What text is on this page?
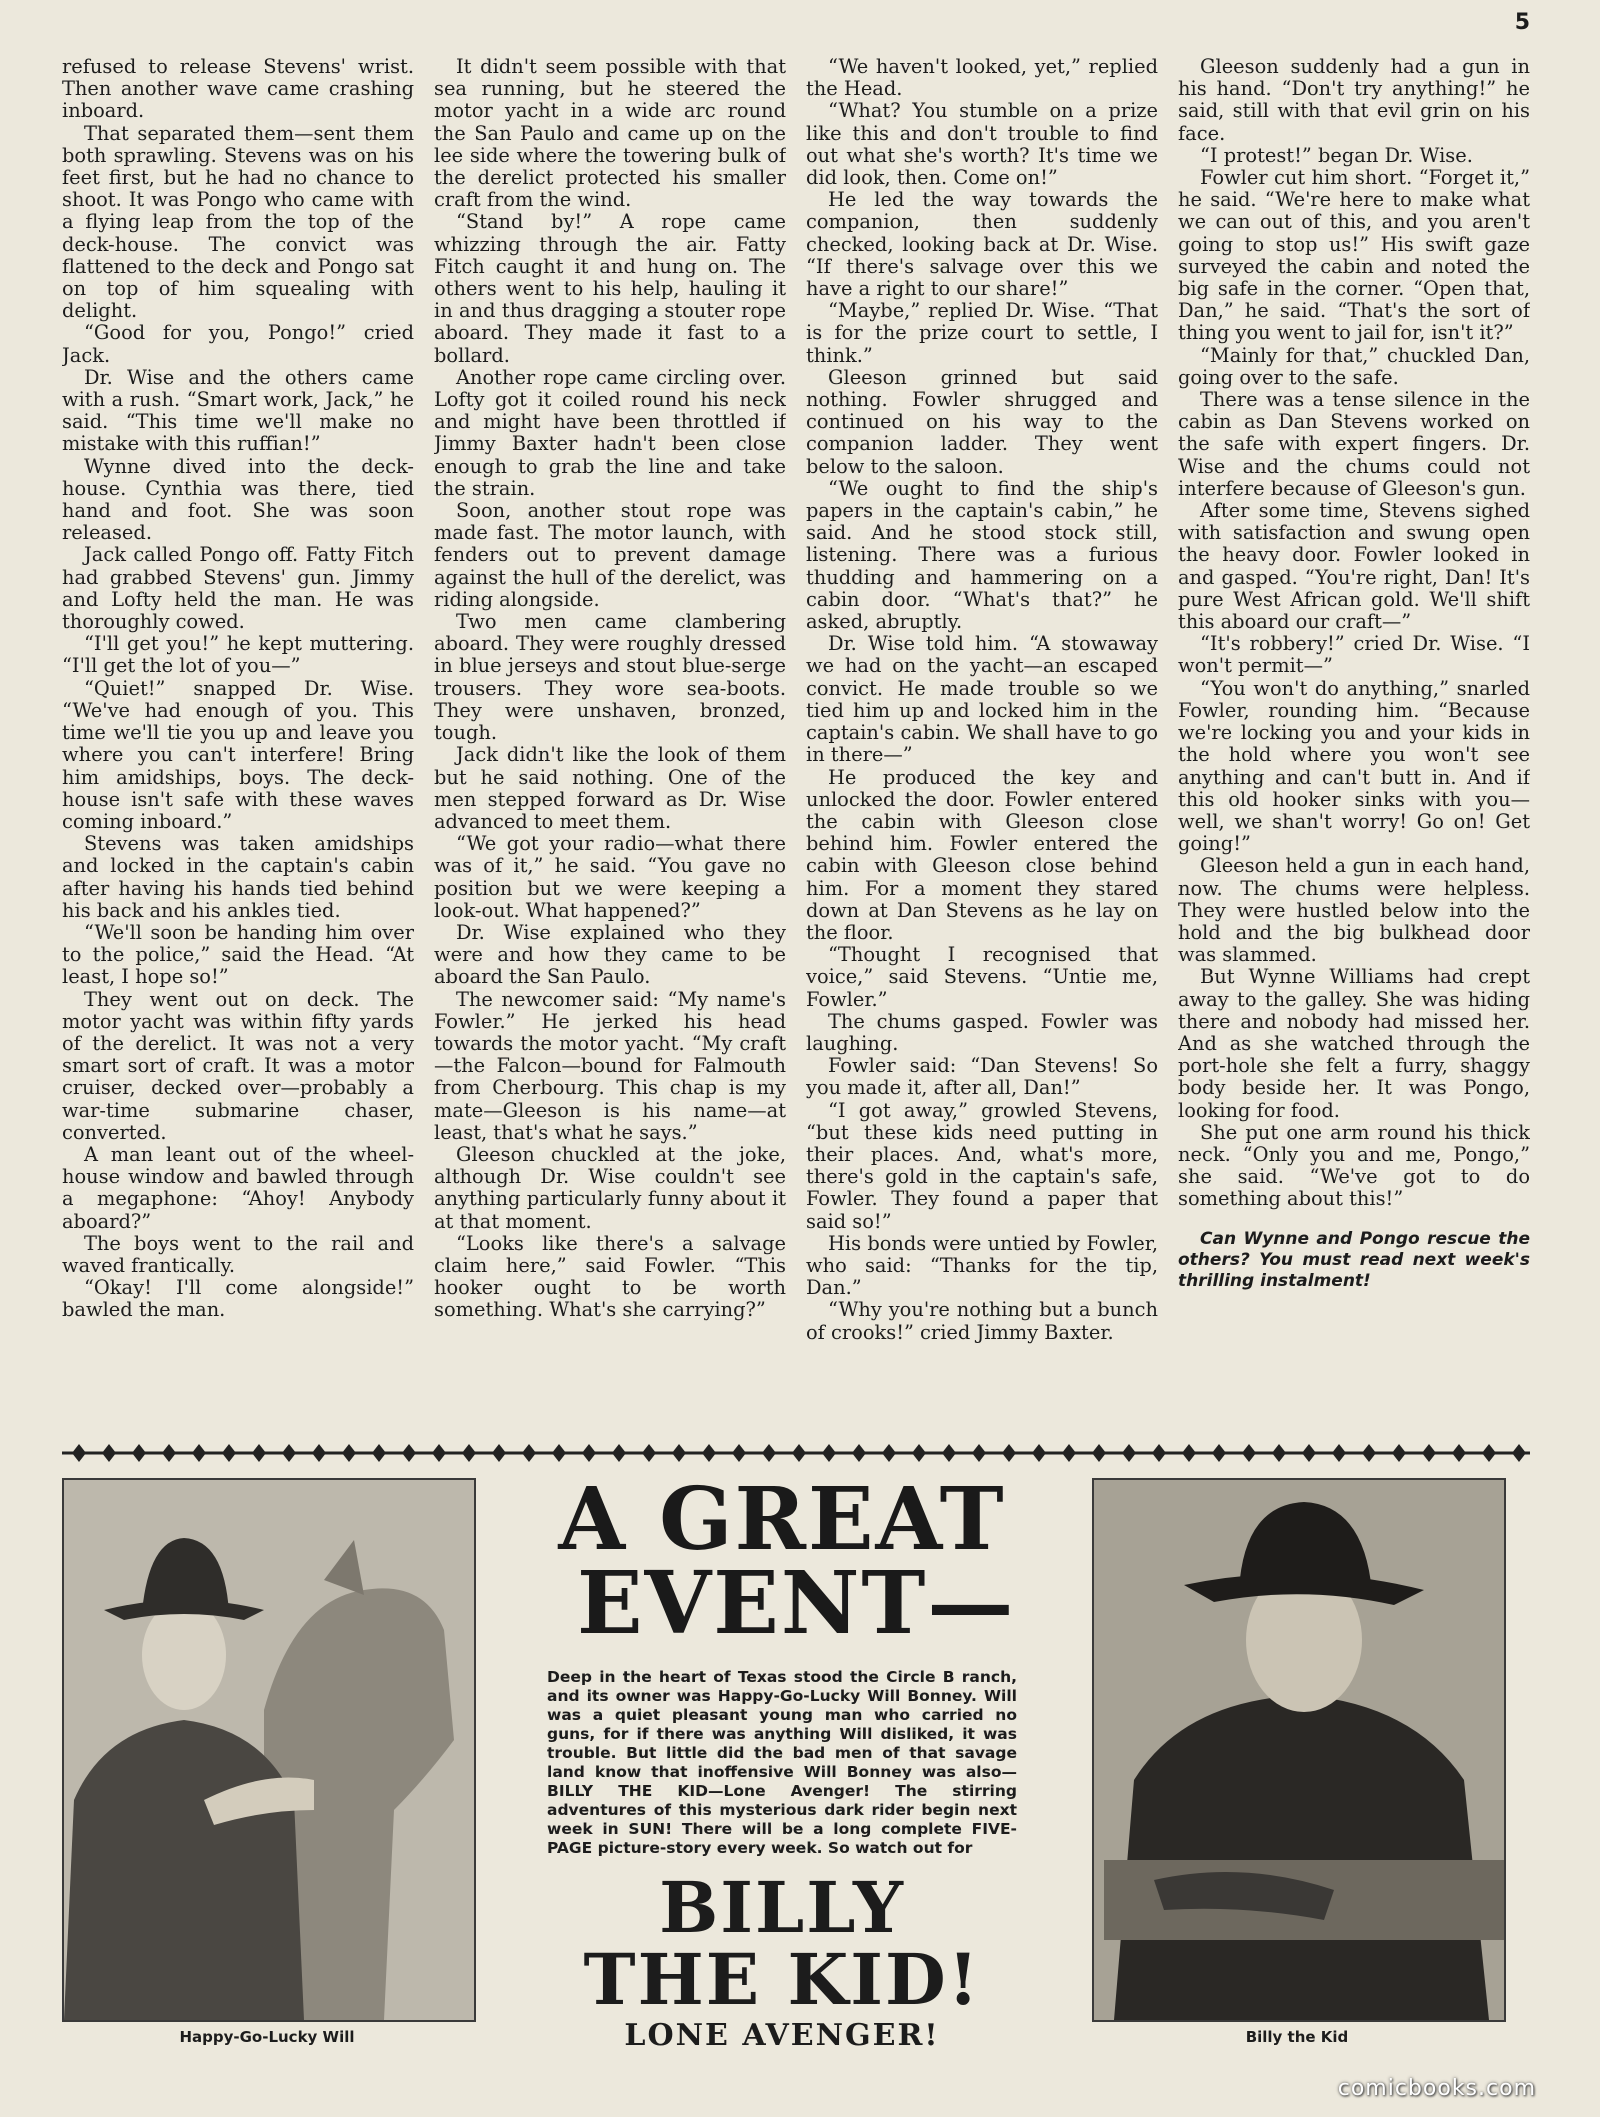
5

refused to release Stevens' wrist. Then another wave came crashing inboard.

That separated them—sent them both sprawling. Stevens was on his feet first, but he had no chance to shoot. It was Pongo who came with a flying leap from the top of the deck-house. The convict was flattened to the deck and Pongo sat on top of him squealing with delight.

“Good for you, Pongo!” cried Jack.

Dr. Wise and the others came with a rush. “Smart work, Jack,” he said. “This time we'll make no mistake with this ruffian!”

Wynne dived into the deck-house. Cynthia was there, tied hand and foot. She was soon released.

Jack called Pongo off. Fatty Fitch had grabbed Stevens' gun. Jimmy and Lofty held the man. He was thoroughly cowed.

“I'll get you!” he kept muttering. “I'll get the lot of you—”

“Quiet!” snapped Dr. Wise. “We've had enough of you. This time we'll tie you up and leave you where you can't interfere! Bring him amidships, boys. The deck-house isn't safe with these waves coming inboard.”

Stevens was taken amidships and locked in the captain's cabin after having his hands tied behind his back and his ankles tied.

“We'll soon be handing him over to the police,” said the Head. “At least, I hope so!”

They went out on deck. The motor yacht was within fifty yards of the derelict. It was not a very smart sort of craft. It was a motor cruiser, decked over—probably a war-time submarine chaser, converted.

A man leant out of the wheel-house window and bawled through a megaphone: “Ahoy! Anybody aboard?”

The boys went to the rail and waved frantically.

“Okay! I'll come alongside!” bawled the man.

It didn't seem possible with that sea running, but he steered the motor yacht in a wide arc round the San Paulo and came up on the lee side where the towering bulk of the derelict protected his smaller craft from the wind.

“Stand by!” A rope came whizzing through the air. Fatty Fitch caught it and hung on. The others went to his help, hauling it in and thus dragging a stouter rope aboard. They made it fast to a bollard.

Another rope came circling over. Lofty got it coiled round his neck and might have been throttled if Jimmy Baxter hadn't been close enough to grab the line and take the strain.

Soon, another stout rope was made fast. The motor launch, with fenders out to prevent damage against the hull of the derelict, was riding alongside.

Two men came clambering aboard. They were roughly dressed in blue jerseys and stout blue-serge trousers. They wore sea-boots. They were unshaven, bronzed, tough.

Jack didn't like the look of them but he said nothing. One of the men stepped forward as Dr. Wise advanced to meet them.

“We got your radio—what there was of it,” he said. “You gave no position but we were keeping a look-out. What happened?”

Dr. Wise explained who they were and how they came to be aboard the San Paulo.

The newcomer said: “My name's Fowler.” He jerked his head towards the motor yacht. “My craft—the Falcon—bound for Falmouth from Cherbourg. This chap is my mate—Gleeson is his name—at least, that's what he says.”

Gleeson chuckled at the joke, although Dr. Wise couldn't see anything particularly funny about it at that moment.

“Looks like there's a salvage claim here,” said Fowler. “This hooker ought to be worth something. What's she carrying?”

“We haven't looked, yet,” replied the Head.

“What? You stumble on a prize like this and don't trouble to find out what she's worth? It's time we did look, then. Come on!”

He led the way towards the companion, then suddenly checked, looking back at Dr. Wise. “If there's salvage over this we have a right to our share!”

“Maybe,” replied Dr. Wise. “That is for the prize court to settle, I think.”

Gleeson grinned but said nothing. Fowler shrugged and continued on his way to the companion ladder. They went below to the saloon.

“We ought to find the ship's papers in the captain's cabin,” he said. And he stood stock still, listening. There was a furious thudding and hammering on a cabin door. “What's that?” he asked, abruptly.

Dr. Wise told him. “A stowaway we had on the yacht—an escaped convict. He made trouble so we tied him up and locked him in the captain's cabin. We shall have to go in there—”

He produced the key and unlocked the door. Fowler entered the cabin with Gleeson close behind him. Fowler entered the cabin with Gleeson close behind him. For a moment they stared down at Dan Stevens as he lay on the floor.

“Thought I recognised that voice,” said Stevens. “Untie me, Fowler.”

The chums gasped. Fowler was laughing.

Fowler said: “Dan Stevens! So you made it, after all, Dan!”

“I got away,” growled Stevens, “but these kids need putting in their places. And, what's more, there's gold in the captain's safe, Fowler. They found a paper that said so!”

His bonds were untied by Fowler, who said: “Thanks for the tip, Dan.”

“Why you're nothing but a bunch of crooks!” cried Jimmy Baxter.

Gleeson suddenly had a gun in his hand. “Don't try anything!” he said, still with that evil grin on his face.

“I protest!” began Dr. Wise.

Fowler cut him short. “Forget it,” he said. “We're here to make what we can out of this, and you aren't going to stop us!” His swift gaze surveyed the cabin and noted the big safe in the corner. “Open that, Dan,” he said. “That's the sort of thing you went to jail for, isn't it?”

“Mainly for that,” chuckled Dan, going over to the safe.

There was a tense silence in the cabin as Dan Stevens worked on the safe with expert fingers. Dr. Wise and the chums could not interfere because of Gleeson's gun.

After some time, Stevens sighed with satisfaction and swung open the heavy door. Fowler looked in and gasped. “You're right, Dan! It's pure West African gold. We'll shift this aboard our craft—”

“It's robbery!” cried Dr. Wise. “I won't permit—”

“You won't do anything,” snarled Fowler, rounding him. “Because we're locking you and your kids in the hold where you won't see anything and can't butt in. And if this old hooker sinks with you—well, we shan't worry! Go on! Get going!”

Gleeson held a gun in each hand, now. The chums were helpless. They were hustled below into the hold and the big bulkhead door was slammed.

But Wynne Williams had crept away to the galley. She was hiding there and nobody had missed her. And as she watched through the port-hole she felt a furry, shaggy body beside her. It was Pongo, looking for food.

She put one arm round his thick neck. “Only you and me, Pongo,” she said. “We've got to do something about this!”

Can Wynne and Pongo rescue the others? You must read next week's thrilling instalment!

Happy-Go-Lucky Will
A GREAT
EVENT—
Deep in the heart of Texas stood the Circle B ranch, and its owner was Happy-Go-Lucky Will Bonney. Will was a quiet pleasant young man who carried no guns, for if there was anything Will disliked, it was trouble. But little did the bad men of that savage land know that inoffensive Will Bonney was also—BILLY THE KID—Lone Avenger! The stirring adventures of this mysterious dark rider begin next week in SUN! There will be a long complete FIVE-PAGE picture-story every week. So watch out for
BILLY
THE KID!
LONE AVENGER!	Billy the Kid
comicbooks.com
